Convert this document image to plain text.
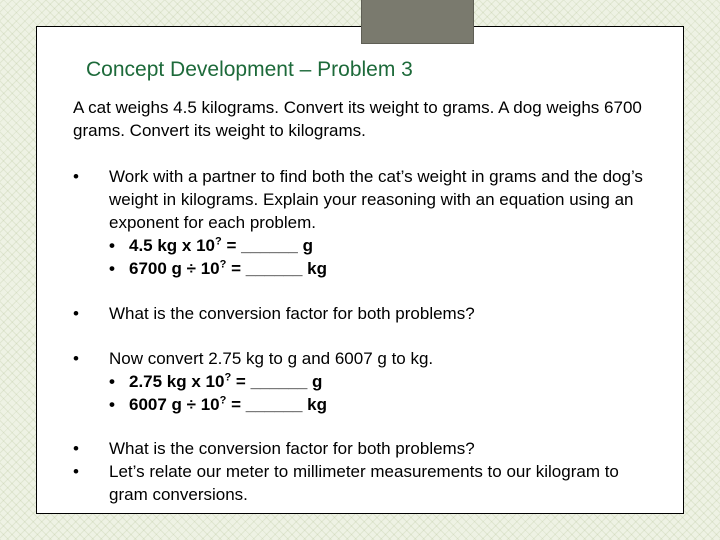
Concept Development – Problem 3

A cat weighs 4.5 kilograms. Convert its weight to grams. A dog weighs 6700 grams. Convert its weight to kilograms.

•	Work with a partner to find both the cat’s weight in grams and the dog’s weight in kilograms. Explain your reasoning with an equation using an exponent for each problem.
• 4.5 kg x 10? = ______ g
• 6700 g ÷ 10? = ______ kg
•	What is the conversion factor for both problems?
•	Now convert 2.75 kg to g and 6007 g to kg.
• 2.75 kg x 10? = ______ g
• 6007 g ÷ 10? = ______ kg
•
•
What is the conversion factor for both problems?
Let’s relate our meter to millimeter measurements to our kilogram to gram conversions.
